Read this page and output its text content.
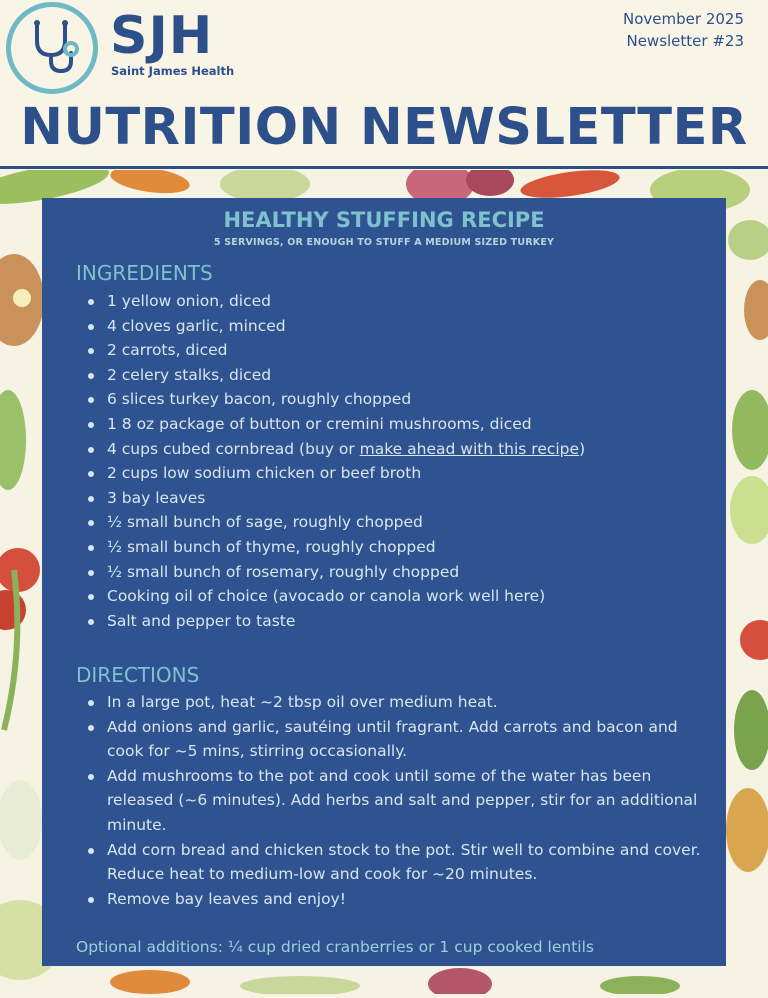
SJH
Saint James Health
November 2025
Newsletter #23
NUTRITION NEWSLETTER
HEALTHY STUFFING RECIPE
5 SERVINGS, OR ENOUGH TO STUFF A MEDIUM SIZED TURKEY
INGREDIENTS
1 yellow onion, diced
4 cloves garlic, minced
2 carrots, diced
2 celery stalks, diced
6 slices turkey bacon, roughly chopped
1 8 oz package of button or cremini mushrooms, diced
4 cups cubed cornbread (buy or make ahead with this recipe)
2 cups low sodium chicken or beef broth
3 bay leaves
½ small bunch of sage, roughly chopped
½ small bunch of thyme, roughly chopped
½ small bunch of rosemary, roughly chopped
Cooking oil of choice (avocado or canola work well here)
Salt and pepper to taste
DIRECTIONS
In a large pot, heat ~2 tbsp oil over medium heat.
Add onions and garlic, sautéing until fragrant. Add carrots and bacon and cook for ~5 mins, stirring occasionally.
Add mushrooms to the pot and cook until some of the water has been released (~6 minutes). Add herbs and salt and pepper, stir for an additional minute.
Add corn bread and chicken stock to the pot. Stir well to combine and cover. Reduce heat to medium-low and cook for ~20 minutes.
Remove bay leaves and enjoy!
Optional additions: ¼ cup dried cranberries or 1 cup cooked lentils
